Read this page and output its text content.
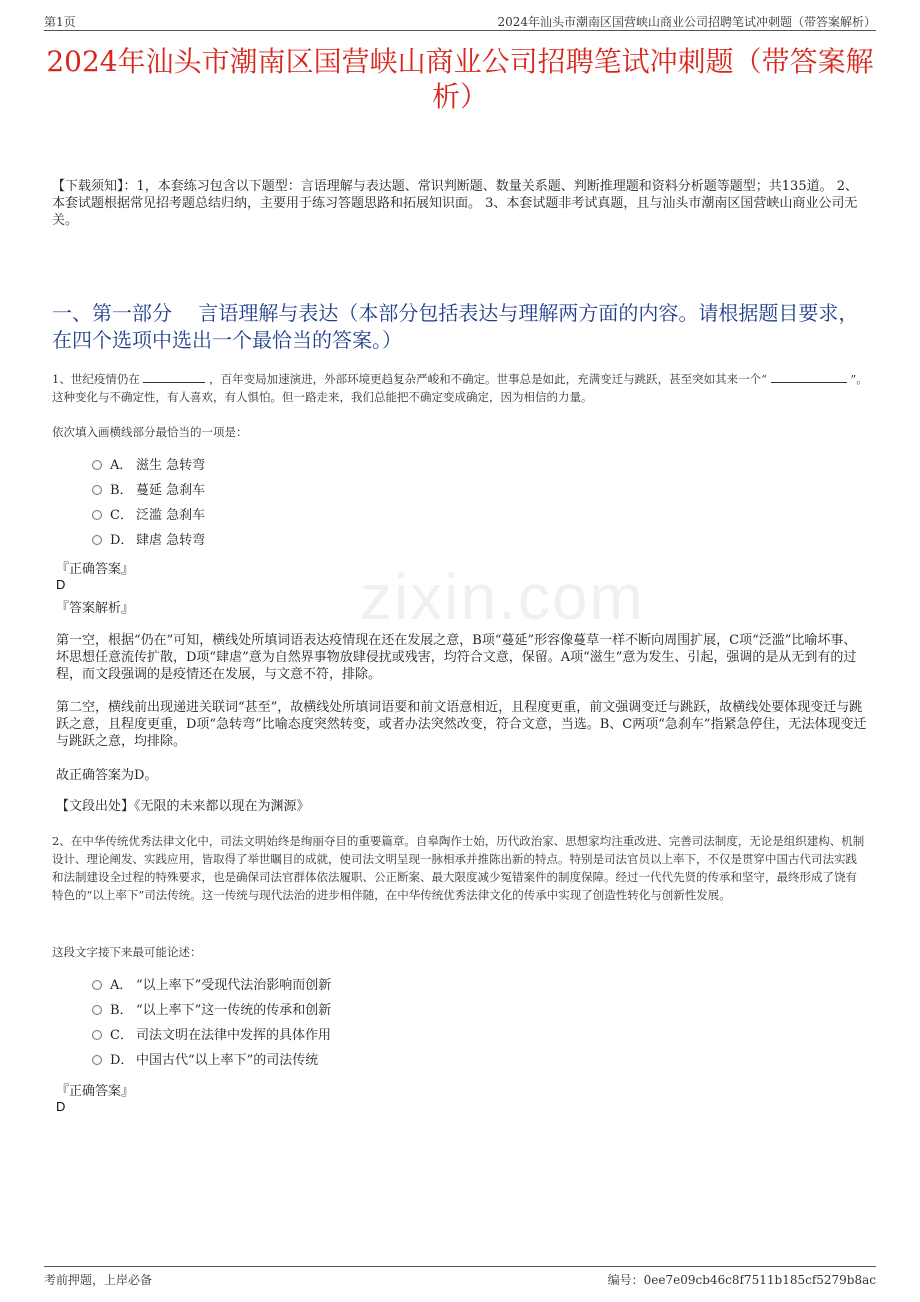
第1页	2024年汕头市潮南区国营峡山商业公司招聘笔试冲刺题（带答案解析）
2024年汕头市潮南区国营峡山商业公司招聘笔试冲刺题（带答案解析）
【下载须知】：1，本套练习包含以下题型：言语理解与表达题、常识判断题、数量关系题、判断推理题和资料分析题等题型；共135道。 2、本套试题根据常见招考题总结归纳，主要用于练习答题思路和拓展知识面。 3、本套试题非考试真题，且与汕头市潮南区国营峡山商业公司无关。
一、第一部分　 言语理解与表达（本部分包括表达与理解两方面的内容。请根据题目要求，在四个选项中选出一个最恰当的答案。）
1、世纪疫情仍在	，百年变局加速演进，外部环境更趋复杂严峻和不确定。世事总是如此，充满变迁与跳跃，甚至突如其来一个“	”。这种变化与不确定性，有人喜欢，有人惧怕。但一路走来，我们总能把不确定变成确定，因为相信的力量。
依次填入画横线部分最恰当的一项是：
A． 滋生 急转弯
B． 蔓延 急刹车
C． 泛滥 急刹车
D． 肆虐 急转弯
『正确答案』
D
『答案解析』	zixin.com
第一空，根据“仍在”可知，横线处所填词语表达疫情现在还在发展之意，B项“蔓延”形容像蔓草一样不断向周围扩展，C项“泛滥”比喻坏事、坏思想任意流传扩散，D项“肆虐”意为自然界事物放肆侵扰或残害，均符合文意，保留。A项“滋生”意为发生、引起，强调的是从无到有的过程，而文段强调的是疫情还在发展，与文意不符，排除。
第二空，横线前出现递进关联词“甚至”，故横线处所填词语要和前文语意相近，且程度更重，前文强调变迁与跳跃，故横线处要体现变迁与跳跃之意，且程度更重，D项“急转弯”比喻态度突然转变，或者办法突然改变，符合文意，当选。B、C两项“急刹车”指紧急停住，无法体现变迁与跳跃之意，均排除。
故正确答案为D。
【文段出处】《无限的未来都以现在为渊源》
2、在中华传统优秀法律文化中，司法文明始终是绚丽夺目的重要篇章。自皋陶作士始，历代政治家、思想家均注重改进、完善司法制度，无论是组织建构、机制设计、理论阐发、实践应用，皆取得了举世瞩目的成就，使司法文明呈现一脉相承并推陈出新的特点。特别是司法官员以上率下，不仅是贯穿中国古代司法实践和法制建设全过程的特殊要求，也是确保司法官群体依法履职、公正断案、最大限度减少冤错案件的制度保障。经过一代代先贤的传承和坚守，最终形成了饶有特色的“以上率下”司法传统。这一传统与现代法治的进步相伴随，在中华传统优秀法律文化的传承中实现了创造性转化与创新性发展。
这段文字接下来最可能论述：
A． “以上率下”受现代法治影响而创新
B． “以上率下”这一传统的传承和创新
C． 司法文明在法律中发挥的具体作用
D． 中国古代“以上率下”的司法传统
『正确答案』
D
考前押题，上岸必备	编号：0ee7e09cb46c8f7511b185cf5279b8ac
